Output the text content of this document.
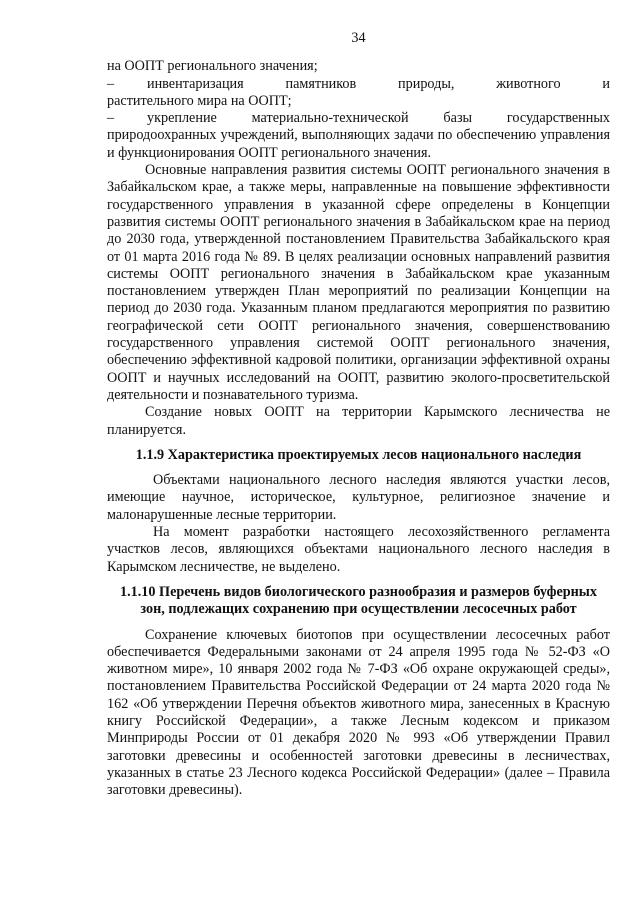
34

на ООПТ регионального значения;

–	инвентаризация памятников природы, животного и

растительного мира на ООПТ;

–	укрепление материально-технической базы государственных

природоохранных учреждений, выполняющих задачи по обеспечению управления и функционирования ООПТ регионального значения.

Основные направления развития системы ООПТ регионального значения в Забайкальском крае, а также меры, направленные на повышение эффективности государственного управления в указанной сфере определены в Концепции развития системы ООПТ регионального значения в Забайкальском крае на период до 2030 года, утвержденной постановлением Правительства Забайкальского края от 01 марта 2016 года № 89. В целях реализации основных направлений развития системы ООПТ регионального значения в Забайкальском крае указанным постановлением утвержден План мероприятий по реализации Концепции на период до 2030 года. Указанным планом предлагаются мероприятия по развитию географической сети ООПТ регионального значения, совершенствованию государственного управления системой ООПТ регионального значения, обеспечению эффективной кадровой политики, организации эффективной охраны ООПТ и научных исследований на ООПТ, развитию эколого-просветительской деятельности и познавательного туризма.

Создание новых ООПТ на территории Карымского лесничества не планируется.

1.1.9 Характеристика проектируемых лесов национального наследия

Объектами национального лесного наследия являются участки лесов, имеющие научное, историческое, культурное, религиозное значение и малонарушенные лесные территории.

На момент разработки настоящего лесохозяйственного регламента участков лесов, являющихся объектами национального лесного наследия в Карымском лесничестве, не выделено.

1.1.10 Перечень видов биологического разнообразия и размеров буферных зон, подлежащих сохранению при осуществлении лесосечных работ

Сохранение ключевых биотопов при осуществлении лесосечных работ обеспечивается Федеральными законами от 24 апреля 1995 года № 52-ФЗ «О животном мире», 10 января 2002 года № 7-ФЗ «Об охране окружающей среды», постановлением Правительства Российской Федерации от 24 марта 2020 года № 162 «Об утверждении Перечня объектов животного мира, занесенных в Красную книгу Российской Федерации», а также Лесным кодексом и приказом Минприроды России от 01 декабря 2020 № 993 «Об утверждении Правил заготовки древесины и особенностей заготовки древесины в лесничествах, указанных в статье 23 Лесного кодекса Российской Федерации» (далее – Правила заготовки древесины).
